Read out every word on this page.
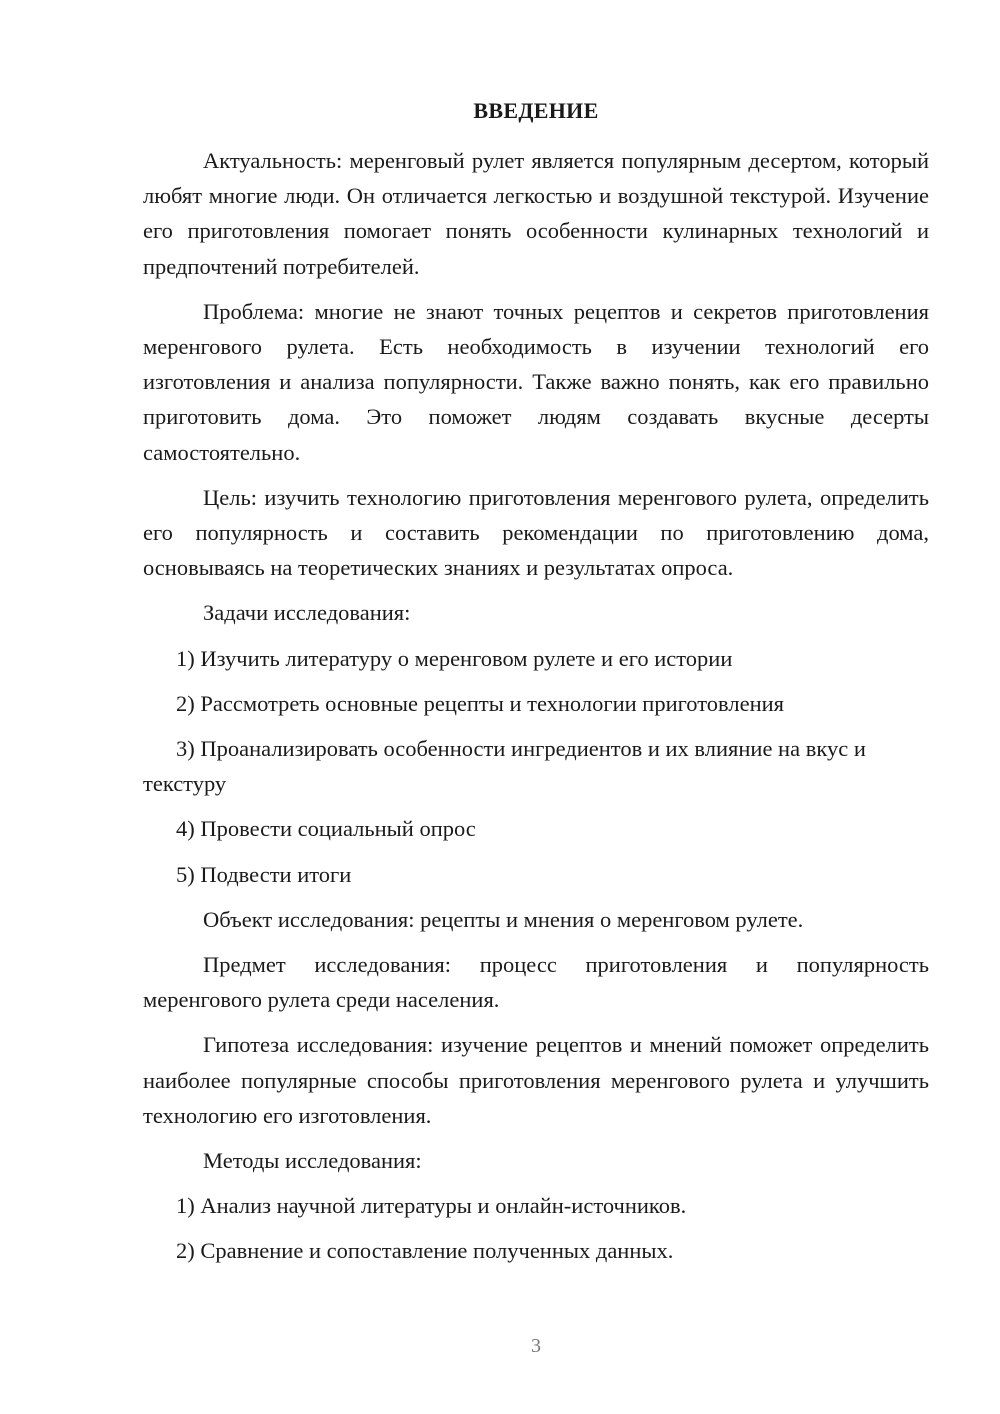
ВВЕДЕНИЕ

Актуальность: меренговый рулет является популярным десертом, который любят многие люди. Он отличается легкостью и воздушной текстурой. Изучение его приготовления помогает понять особенности кулинарных технологий и предпочтений потребителей.

Проблема: многие не знают точных рецептов и секретов приготовления меренгового рулета. Есть необходимость в изучении технологий его изготовления и анализа популярности. Также важно понять, как его правильно приготовить дома. Это поможет людям создавать вкусные десерты самостоятельно.

Цель: изучить технологию приготовления меренгового рулета, определить его популярность и составить рекомендации по приготовлению дома, основываясь на теоретических знаниях и результатах опроса.

Задачи исследования:

1) Изучить литературу о меренговом рулете и его истории

2) Рассмотреть основные рецепты и технологии приготовления

3) Проанализировать особенности ингредиентов и их влияние на вкус и текстуру

4) Провести социальный опрос

5) Подвести итоги

Объект исследования: рецепты и мнения о меренговом рулете.

Предмет исследования: процесс приготовления и популярность меренгового рулета среди населения.

Гипотеза исследования: изучение рецептов и мнений поможет определить наиболее популярные способы приготовления меренгового рулета и улучшить технологию его изготовления.

Методы исследования:

1) Анализ научной литературы и онлайн-источников.

2) Сравнение и сопоставление полученных данных.

3
